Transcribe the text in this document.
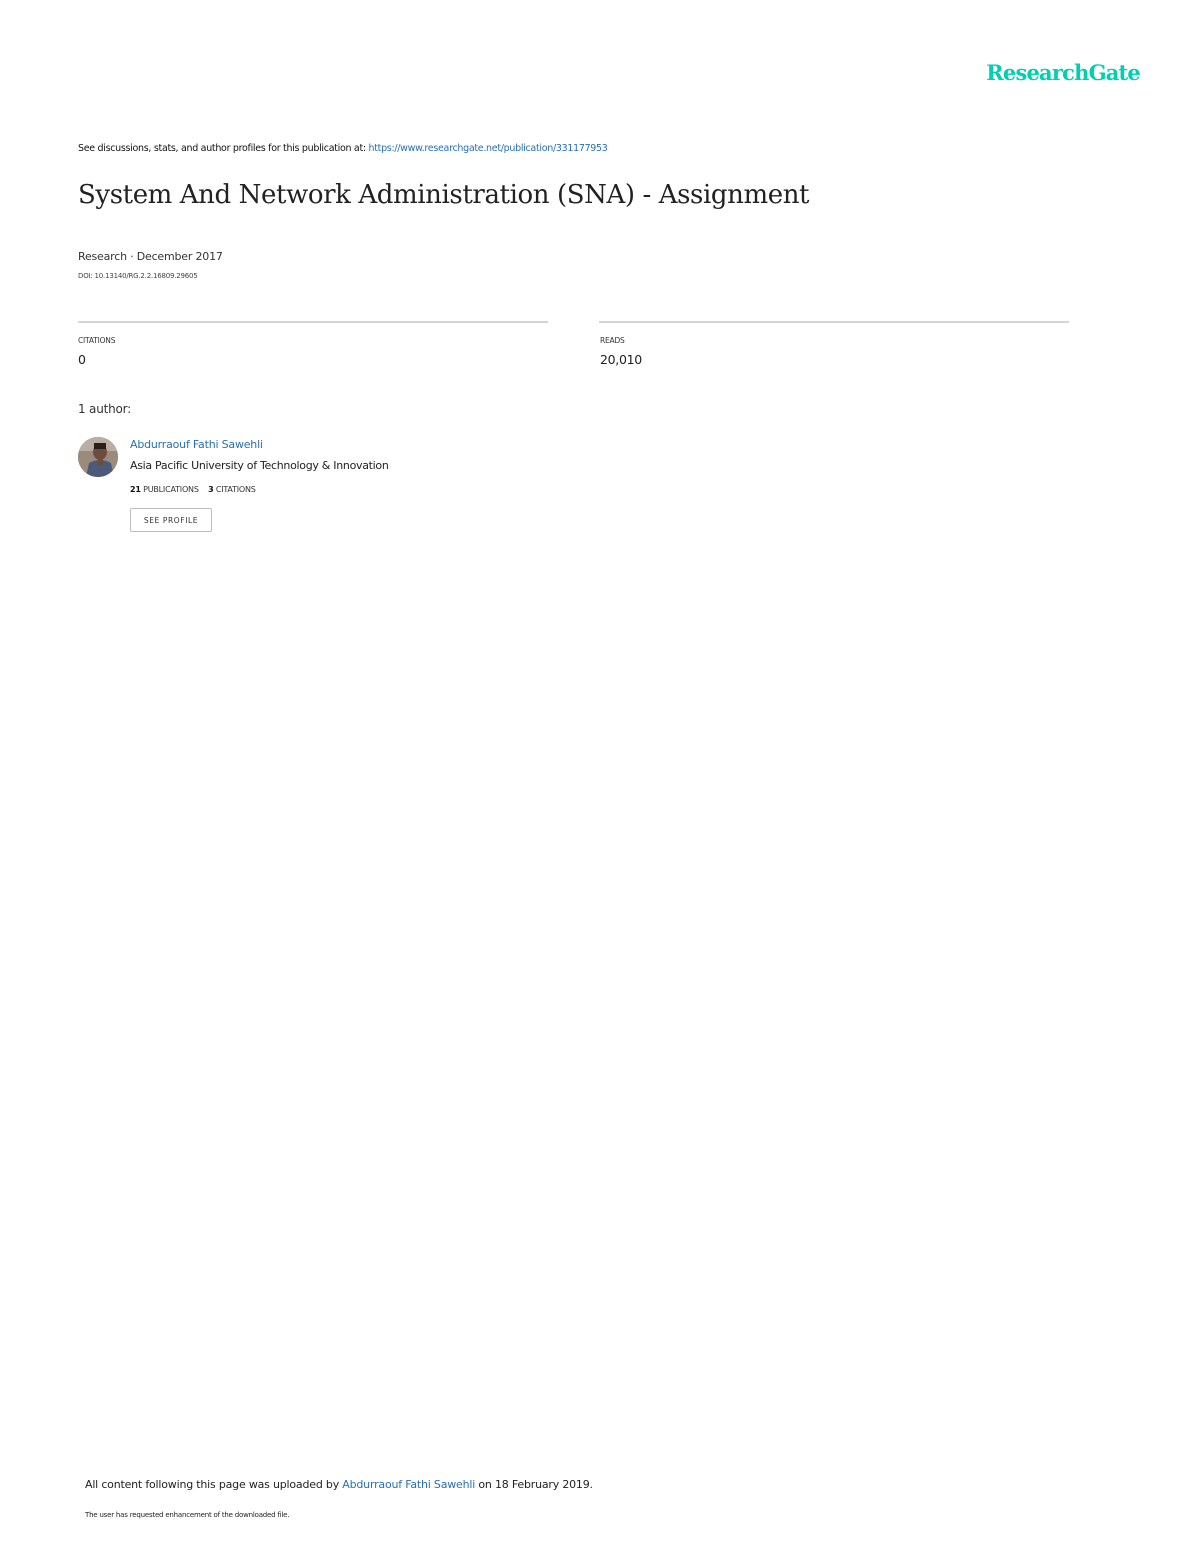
ResearchGate
See discussions, stats, and author profiles for this publication at: https://www.researchgate.net/publication/331177953
System And Network Administration (SNA) - Assignment
Research · December 2017
DOI: 10.13140/RG.2.2.16809.29605
CITATIONS
0
READS
20,010
1 author:
Abdurraouf Fathi Sawehli
Asia Pacific University of Technology & Innovation
21 PUBLICATIONS 3 CITATIONS
SEE PROFILE
All content following this page was uploaded by Abdurraouf Fathi Sawehli on 18 February 2019.
The user has requested enhancement of the downloaded file.
